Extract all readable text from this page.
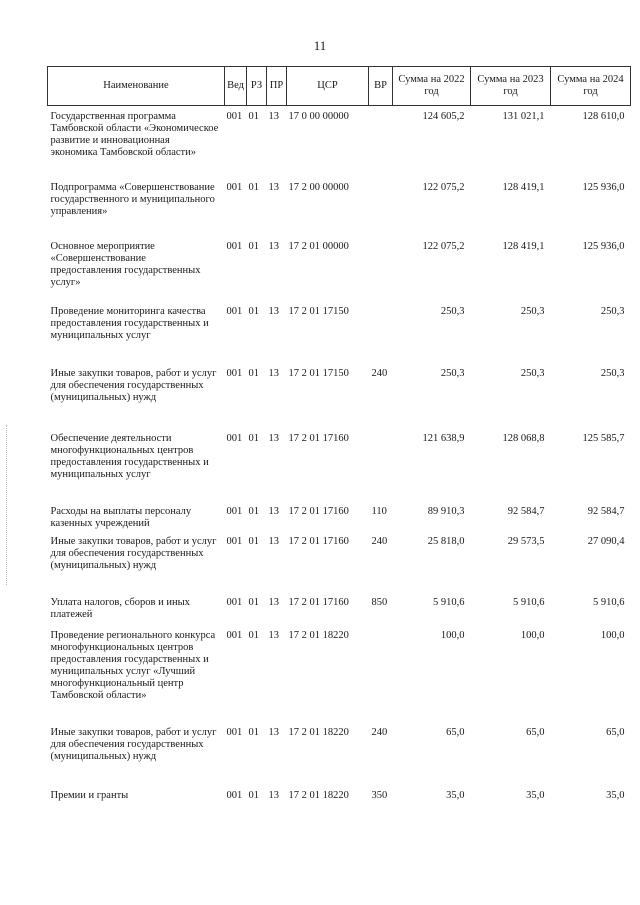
11
Наименование	Вед	РЗ	ПР	ЦСР	ВР	Сумма на 2022 год	Сумма на 2023 год	Сумма на 2024 год
Государственная программа Тамбовской области «Экономическое развитие и инновационная экономика Тамбовской области»	001	01	13	17 0 00 00000		124 605,2	131 021,1	128 610,0
Подпрограмма «Совершенствование государственного и муниципального управления»	001	01	13	17 2 00 00000		122 075,2	128 419,1	125 936,0
Основное мероприятие «Совершенствование предоставления государственных услуг»	001	01	13	17 2 01 00000		122 075,2	128 419,1	125 936,0
Проведение мониторинга качества предоставления государственных и муниципальных услуг	001	01	13	17 2 01 17150		250,3	250,3	250,3
Иные закупки товаров, работ и услуг для обеспечения государственных (муниципальных) нужд	001	01	13	17 2 01 17150	240	250,3	250,3	250,3
Обеспечение деятельности многофункциональных центров предоставления государственных и муниципальных услуг	001	01	13	17 2 01 17160		121 638,9	128 068,8	125 585,7
Расходы на выплаты персоналу казенных учреждений	001	01	13	17 2 01 17160	110	89 910,3	92 584,7	92 584,7
Иные закупки товаров, работ и услуг для обеспечения государственных (муниципальных) нужд	001	01	13	17 2 01 17160	240	25 818,0	29 573,5	27 090,4
Уплата налогов, сборов и иных платежей	001	01	13	17 2 01 17160	850	5 910,6	5 910,6	5 910,6
Проведение регионального конкурса многофункциональных центров предоставления государственных и муниципальных услуг «Лучший многофункциональный центр Тамбовской области»	001	01	13	17 2 01 18220		100,0	100,0	100,0
Иные закупки товаров, работ и услуг для обеспечения государственных (муниципальных) нужд	001	01	13	17 2 01 18220	240	65,0	65,0	65,0
Премии и гранты	001	01	13	17 2 01 18220	350	35,0	35,0	35,0
